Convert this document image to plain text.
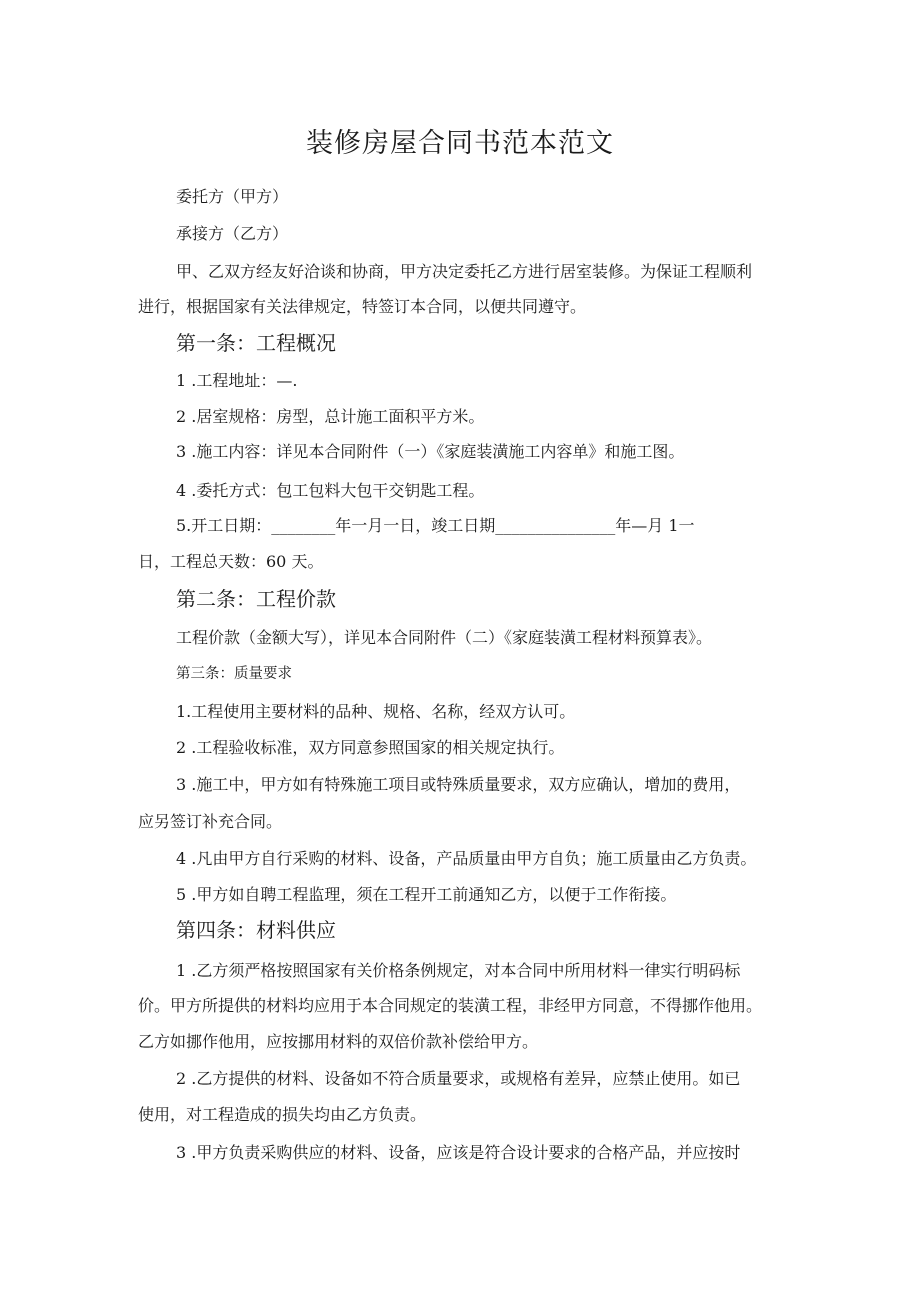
装修房屋合同书范本范文
委托方（甲方）
承接方（乙方）
甲、乙双方经友好洽谈和协商，甲方决定委托乙方进行居室装修。为保证工程顺利
进行，根据国家有关法律规定，特签订本合同，以便共同遵守。
第一条：工程概况
1 .工程地址：—.
2 .居室规格：房型，总计施工面积平方米。
3 .施工内容：详见本合同附件（一）《家庭装潢施工内容单》和施工图。
4 .委托方式：包工包料大包干交钥匙工程。
5.开工日期：________年一月一日，竣工日期_______________年—月 1一
日，工程总天数：60 天。
第二条：工程价款
工程价款（金额大写），详见本合同附件（二）《家庭装潢工程材料预算表》。
第三条：质量要求
1.工程使用主要材料的品种、规格、名称，经双方认可。
2 .工程验收标准，双方同意参照国家的相关规定执行。
3 .施工中，甲方如有特殊施工项目或特殊质量要求，双方应确认，增加的费用，
应另签订补充合同。
4 .凡由甲方自行采购的材料、设备，产品质量由甲方自负；施工质量由乙方负责。
5 .甲方如自聘工程监理，须在工程开工前通知乙方，以便于工作衔接。
第四条：材料供应
1 .乙方须严格按照国家有关价格条例规定，对本合同中所用材料一律实行明码标
价。甲方所提供的材料均应用于本合同规定的装潢工程，非经甲方同意，不得挪作他用。
乙方如挪作他用，应按挪用材料的双倍价款补偿给甲方。
2 .乙方提供的材料、设备如不符合质量要求，或规格有差异，应禁止使用。如已
使用，对工程造成的损失均由乙方负责。
3 .甲方负责采购供应的材料、设备，应该是符合设计要求的合格产品，并应按时
